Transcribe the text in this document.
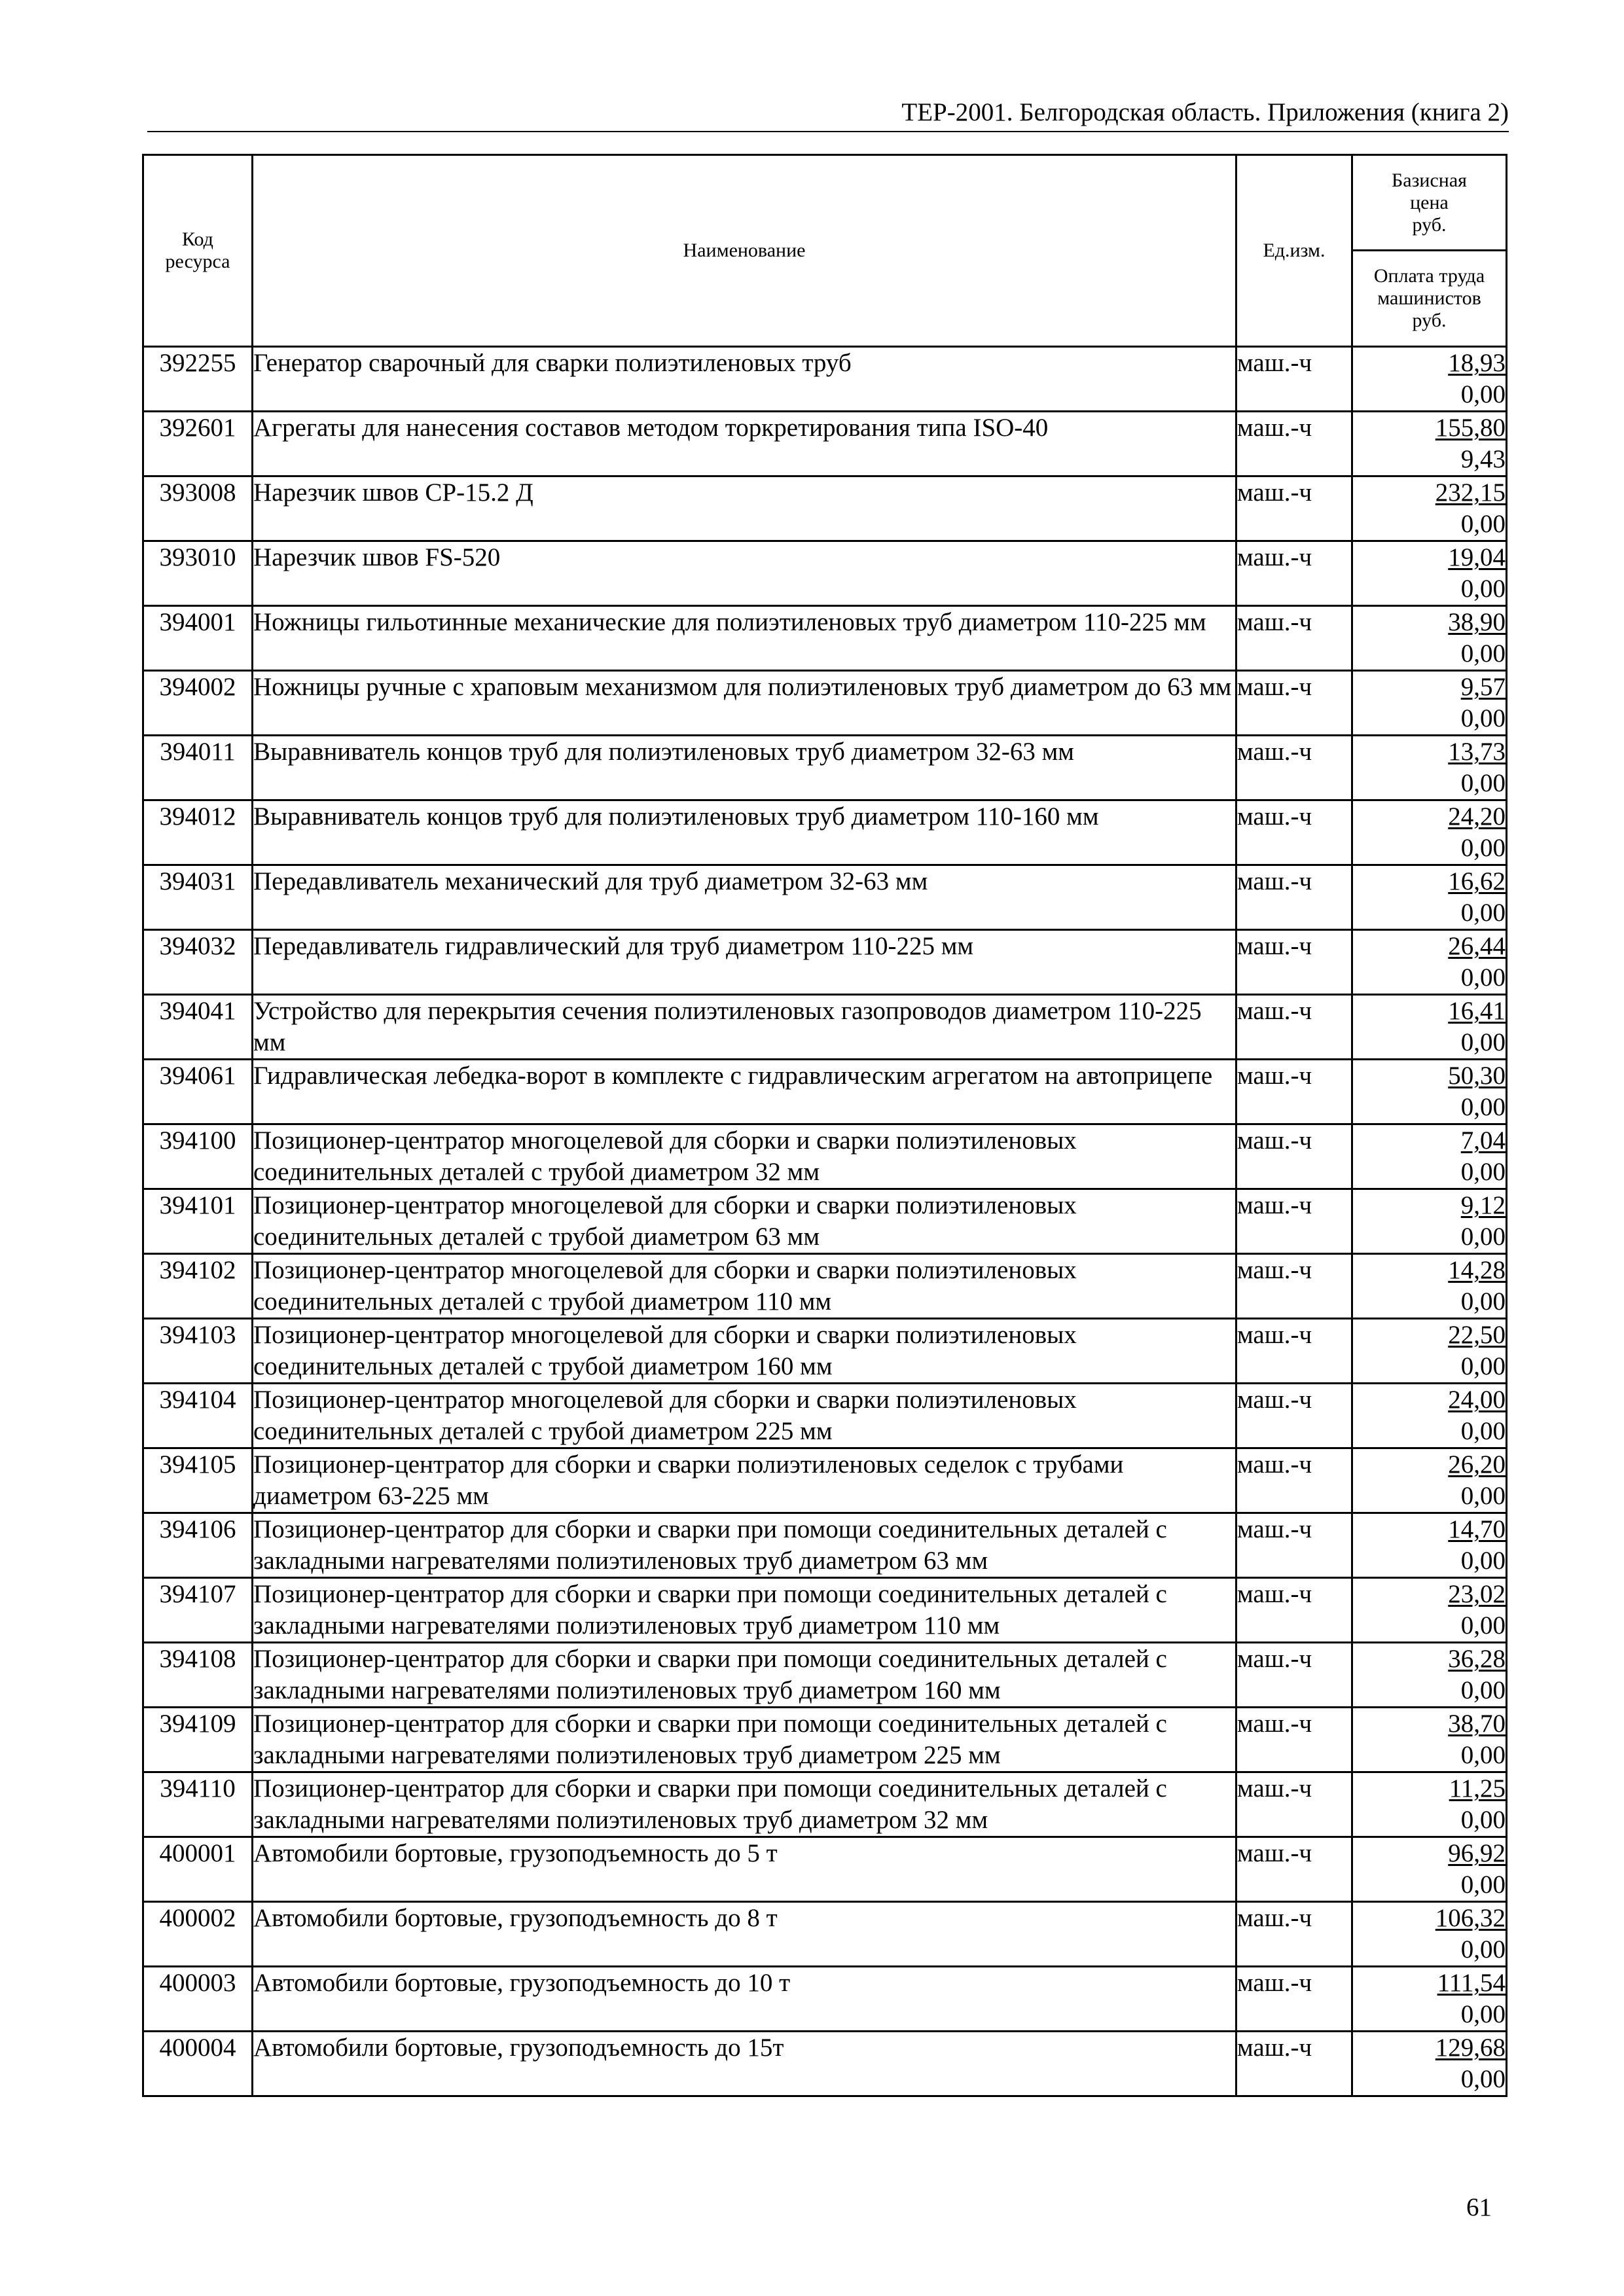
ТЕР-2001. Белгородская область. Приложения (книга 2)
Код
ресурса	Наименование	Ед.изм.	Базисная
цена
руб.
			Оплата труда
машинистов
руб.
392255	Генератор сварочный для сварки полиэтиленовых труб	маш.-ч	18,93
0,00

392601	Агрегаты для нанесения составов методом торкретирования типа ISO-40	маш.-ч	155,80
9,43

393008	Нарезчик швов CP-15.2 Д	маш.-ч	232,15
0,00

393010	Нарезчик швов FS-520	маш.-ч	19,04
0,00

394001	Ножницы гильотинные механические для полиэтиленовых труб диаметром 110-225 мм	маш.-ч	38,90
0,00

394002	Ножницы ручные с храповым механизмом для полиэтиленовых труб диаметром до 63 мм	маш.-ч	9,57
0,00

394011	Выравниватель концов труб для полиэтиленовых труб диаметром 32-63 мм	маш.-ч	13,73
0,00

394012	Выравниватель концов труб для полиэтиленовых труб диаметром 110-160 мм	маш.-ч	24,20
0,00

394031	Передавливатель механический для труб диаметром 32-63 мм	маш.-ч	16,62
0,00

394032	Передавливатель гидравлический для труб диаметром 110-225 мм	маш.-ч	26,44
0,00

394041	Устройство для перекрытия сечения полиэтиленовых газопроводов диаметром 110-225 мм	маш.-ч	16,41
0,00

394061	Гидравлическая лебедка-ворот в комплекте с гидравлическим агрегатом на автоприцепе	маш.-ч	50,30
0,00

394100	Позиционер-центратор многоцелевой для сборки и сварки полиэтиленовых соединительных деталей с трубой диаметром 32 мм	маш.-ч	7,04
0,00

394101	Позиционер-центратор многоцелевой для сборки и сварки полиэтиленовых соединительных деталей с трубой диаметром 63 мм	маш.-ч	9,12
0,00

394102	Позиционер-центратор многоцелевой для сборки и сварки полиэтиленовых соединительных деталей с трубой диаметром 110 мм	маш.-ч	14,28
0,00

394103	Позиционер-центратор многоцелевой для сборки и сварки полиэтиленовых соединительных деталей с трубой диаметром 160 мм	маш.-ч	22,50
0,00

394104	Позиционер-центратор многоцелевой для сборки и сварки полиэтиленовых соединительных деталей с трубой диаметром 225 мм	маш.-ч	24,00
0,00

394105	Позиционер-центратор для сборки и сварки полиэтиленовых седелок с трубами диаметром 63-225 мм	маш.-ч	26,20
0,00

394106	Позиционер-центратор для сборки и сварки при помощи соединительных деталей с закладными нагревателями полиэтиленовых труб диаметром 63 мм	маш.-ч	14,70
0,00

394107	Позиционер-центратор для сборки и сварки при помощи соединительных деталей с закладными нагревателями полиэтиленовых труб диаметром 110 мм	маш.-ч	23,02
0,00

394108	Позиционер-центратор для сборки и сварки при помощи соединительных деталей с закладными нагревателями полиэтиленовых труб диаметром 160 мм	маш.-ч	36,28
0,00

394109	Позиционер-центратор для сборки и сварки при помощи соединительных деталей с закладными нагревателями полиэтиленовых труб диаметром 225 мм	маш.-ч	38,70
0,00

394110	Позиционер-центратор для сборки и сварки при помощи соединительных деталей с закладными нагревателями полиэтиленовых труб диаметром 32 мм	маш.-ч	11,25
0,00

400001	Автомобили бортовые, грузоподъемность до 5 т	маш.-ч	96,92
0,00

400002	Автомобили бортовые, грузоподъемность до 8 т	маш.-ч	106,32
0,00

400003	Автомобили бортовые, грузоподъемность до 10 т	маш.-ч	111,54
0,00

400004	Автомобили бортовые, грузоподъемность до 15т	маш.-ч	129,68
0,00
61
